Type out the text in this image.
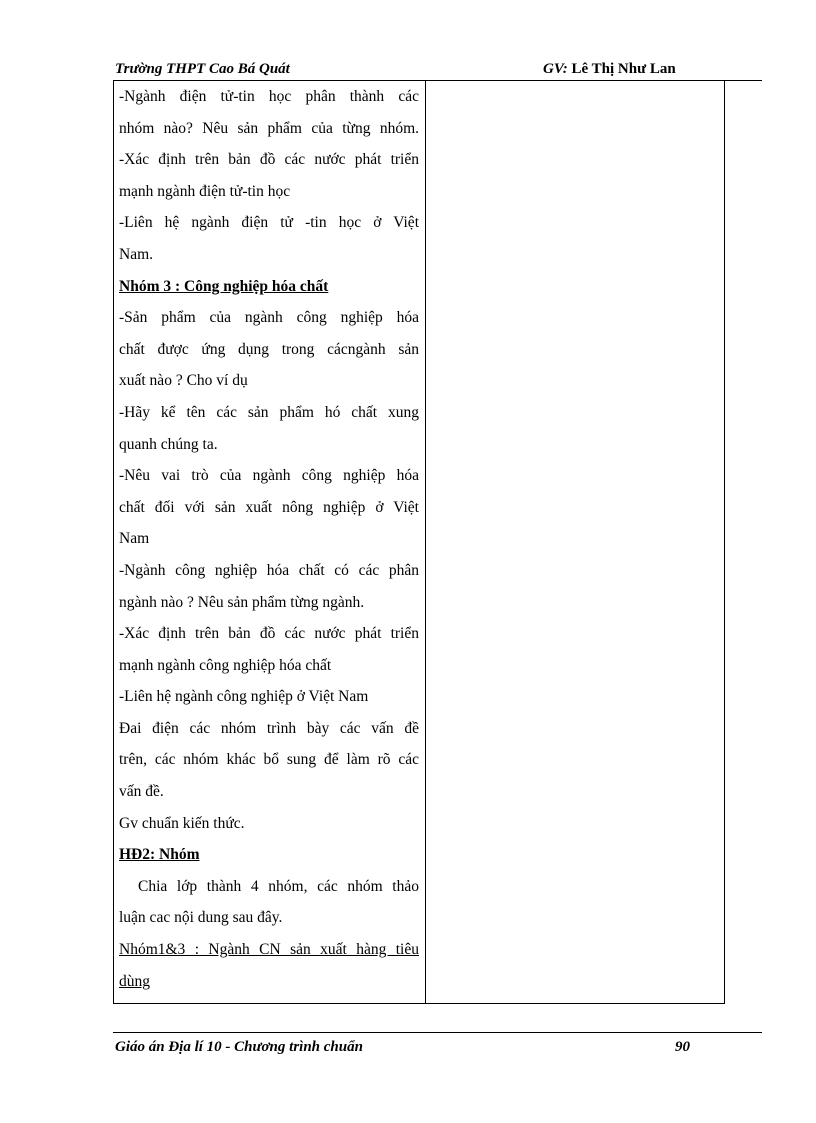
Trường THPT Cao Bá Quát	GV: Lê Thị Như Lan
-Ngành điện tử-tin học phân thành các
nhóm nào? Nêu sản phẩm của từng nhóm.
-Xác định trên bản đồ các nước phát triển
mạnh ngành điện tử-tin học
-Liên hệ ngành điện tử -tin học ở Việt
Nam.
Nhóm 3 : Công nghiệp hóa chất
-Sản phẩm của ngành công nghiệp hóa
chất được ứng dụng trong cácngành sản
xuất nào ? Cho ví dụ
-Hãy kể tên các sản phẩm hó chất xung
quanh chúng ta.
-Nêu vai trò của ngành công nghiệp hóa
chất đối với sản xuất nông nghiệp ở Việt
Nam
-Ngành công nghiệp hóa chất có các phân
ngành nào ? Nêu sản phẩm từng ngành.
-Xác định trên bản đồ các nước phát triển
mạnh ngành công nghiệp hóa chất
-Liên hệ ngành công nghiệp ở Việt Nam
Đai điện các nhóm trình bày các vấn đề
trên, các nhóm khác bổ sung để làm rõ các
vấn đề.
Gv chuẩn kiến thức.
HĐ2: Nhóm
Chia lớp thành 4 nhóm, các nhóm thảo
luận cac nội dung sau đây.
Nhóm1&3 : Ngành CN sản xuất hàng tiêu
dùng
Giáo án Địa lí 10 - Chương trình chuẩn	90
